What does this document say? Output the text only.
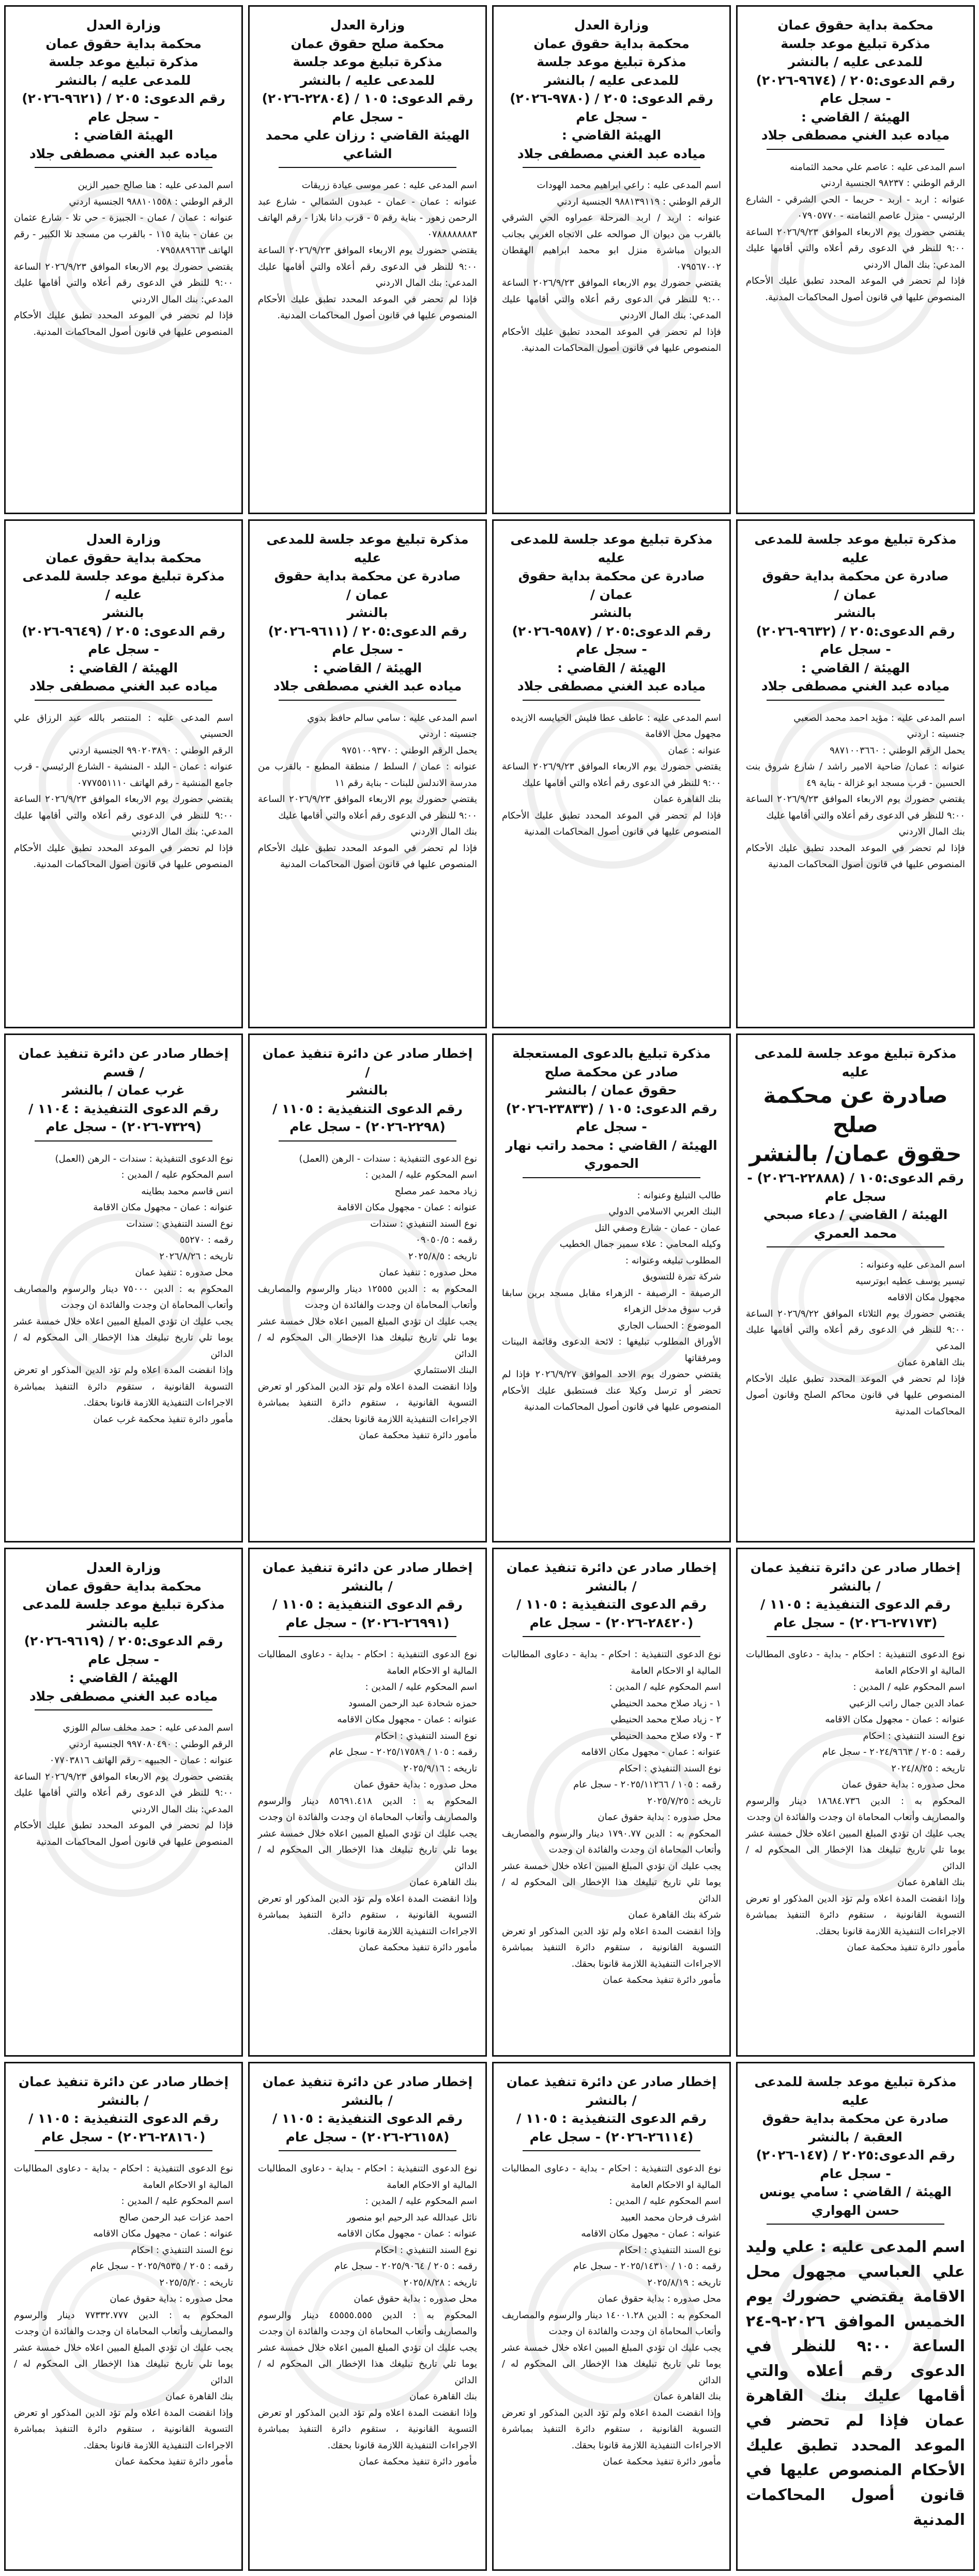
محكمة بداية حقوق عمان

مذكرة تبليغ موعد جلسة

للمدعى عليه / بالنشر

رقم الدعوى:٢٠٥ / (٩٦٧٤-٢٠٢٦)

- سجل عام

الهيئة / القاضي :

مياده عبد الغني مصطفى جلاد

اسم المدعى عليه : عاصم علي محمد الثمامنه
الرقم الوطني : ٩٨٢٣٧ الجنسية اردني
عنوانه : اربد - اربد - حريما - الحي الشرقي - الشارع الرئيسي - منزل عاصم الثمامنه - ٠٧٩٠٥٧٧٠
يقتضي حضورك يوم الاربعاء الموافق ٢٠٢٦/٩/٢٣ الساعة ٩:٠٠ للنظر في الدعوى رقم أعلاه والتي أقامها عليك المدعي: بنك المال الاردني
فإذا لم تحضر في الموعد المحدد تطبق عليك الأحكام المنصوص عليها في قانون أصول المحاكمات المدنية.

وزارة العدل

محكمة بداية حقوق عمان

مذكرة تبليغ موعد جلسة

للمدعى عليه / بالنشر

رقم الدعوى: ٢٠٥ / (٩٧٨٠-٢٠٢٦)

- سجل عام

الهيئة القاضي :

مياده عبد الغني مصطفى جلاد

اسم المدعى عليه : راعي ابراهيم محمد الهودات
الرقم الوطني : ٩٨٨١٣٩١١٩ الجنسية اردني
عنوانه : اربد / اربد المرحلة عمراوه الحي الشرقي بالقرب من ديوان ال صوالحه على الاتجاه الغربي بجانب الديوان مباشرة منزل ابو محمد ابراهيم الهقطان ٠٧٩٥٦٧٠٠٢
يقتضي حضورك يوم الاربعاء الموافق ٢٠٢٦/٩/٢٣ الساعة ٩:٠٠ للنظر في الدعوى رقم أعلاه والتي أقامها عليك المدعي: بنك المال الاردني
فإذا لم تحضر في الموعد المحدد تطبق عليك الأحكام المنصوص عليها في قانون أصول المحاكمات المدنية.

وزارة العدل

محكمة صلح حقوق عمان

مذكرة تبليغ موعد جلسة

للمدعى عليه / بالنشر

رقم الدعوى: ١٠٥ / (٢٢٨٠٤-٢٠٢٦)

- سجل عام

الهيئة القاضي : رزان علي محمد الشاعي

اسم المدعى عليه : عمر موسى عيادة زريقات
عنوانه : عمان - عمان - عبدون الشمالي - شارع عبد الرحمن زهور - بناية رقم ٥ - قرب دانا بلازا - رقم الهاتف ٠٧٨٨٨٨٨٨٨٣
يقتضي حضورك يوم الاربعاء الموافق ٢٠٢٦/٩/٢٣ الساعة ٩:٠٠ للنظر في الدعوى رقم أعلاه والتي أقامها عليك المدعي: بنك المال الاردني
فإذا لم تحضر في الموعد المحدد تطبق عليك الأحكام المنصوص عليها في قانون أصول المحاكمات المدنية.

وزارة العدل

محكمة بداية حقوق عمان

مذكرة تبليغ موعد جلسة

للمدعى عليه / بالنشر

رقم الدعوى: ٢٠٥ / (٩٦٢١-٢٠٢٦)

- سجل عام

الهيئة القاضي :

مياده عبد الغني مصطفى جلاد

اسم المدعى عليه : هنا صالح حمير الزين
الرقم الوطني : ٩٨٨١٠١٥٥٨ الجنسية اردني
عنوانه : عمان / عمان - الجبيزة - حي تلا - شارع عثمان بن عفان - بناية ١١٥ - بالقرب من مسجد تلا الكبير - رقم الهاتف ٠٧٩٥٨٨٩٦٦٣
يقتضي حضورك يوم الاربعاء الموافق ٢٠٢٦/٩/٢٣ الساعة ٩:٠٠ للنظر في الدعوى رقم أعلاه والتي أقامها عليك المدعي: بنك المال الاردني
فإذا لم تحضر في الموعد المحدد تطبق عليك الأحكام المنصوص عليها في قانون أصول المحاكمات المدنية.

مذكرة تبليغ موعد جلسة للمدعى عليه

صادرة عن محكمة بداية حقوق عمان /

بالنشر

رقم الدعوى:٢٠٥ / (٩٦٣٢-٢٠٢٦)

- سجل عام

الهيئة / القاضي :

مياده عبد الغني مصطفى جلاد

اسم المدعى عليه : مؤيد احمد محمد الصعبي
جنسيته : اردني
يحمل الرقم الوطني : ٩٨٧١٠٠٣٦٦٠
عنوانه : عمان/ ضاحية الامير راشد / شارع شروق بنت الحسين - قرب مسجد ابو غزالة - بناية ٤٩
يقتضي حضورك يوم الاربعاء الموافق ٢٠٢٦/٩/٢٣ الساعة ٩:٠٠ للنظر في الدعوى رقم أعلاه والتي أقامها عليك
بنك المال الاردني
فإذا لم تحضر في الموعد المحدد تطبق عليك الأحكام المنصوص عليها في قانون أصول المحاكمات المدنية

مذكرة تبليغ موعد جلسة للمدعى عليه

صادرة عن محكمة بداية حقوق عمان /

بالنشر

رقم الدعوى:٢٠٥ / (٩٥٨٧-٢٠٢٦)

- سجل عام

الهيئة / القاضي :

مياده عبد الغني مصطفى جلاد

اسم المدعى عليه : عاطف عطا فليش الحيايسه الازيده
مجهول محل الاقامة
عنوانه : عمان
يقتضي حضورك يوم الاربعاء الموافق ٢٠٢٦/٩/٢٣ الساعة ٩:٠٠ للنظر في الدعوى رقم أعلاه والتي أقامها عليك
بنك القاهرة عمان
فإذا لم تحضر في الموعد المحدد تطبق عليك الأحكام المنصوص عليها في قانون أصول المحاكمات المدنية

مذكرة تبليغ موعد جلسة للمدعى عليه

صادرة عن محكمة بداية حقوق عمان /

بالنشر

رقم الدعوى:٢٠٥ / (٩٦١١-٢٠٢٦)

- سجل عام

الهيئة / القاضي :

مياده عبد الغني مصطفى جلاد

اسم المدعى عليه : سامي سالم حافظ بدوي
جنسيته : اردني
يحمل الرقم الوطني : ٩٧٥١٠٠٩٣٧٠
عنوانه : عمان / السلط / منطقة المطبع - بالقرب من مدرسة الاندلس للبنات - بناية رقم ١١
يقتضي حضورك يوم الاربعاء الموافق ٢٠٢٦/٩/٢٣ الساعة ٩:٠٠ للنظر في الدعوى رقم أعلاه والتي أقامها عليك
بنك المال الاردني
فإذا لم تحضر في الموعد المحدد تطبق عليك الأحكام المنصوص عليها في قانون أصول المحاكمات المدنية

وزارة العدل

محكمة بداية حقوق عمان

مذكرة تبليغ موعد جلسة للمدعى عليه /

بالنشر

رقم الدعوى: ٢٠٥ / (٩٦٤٩-٢٠٢٦)

- سجل عام

الهيئة / القاضي :

مياده عبد الغني مصطفى جلاد

اسم المدعى عليه : المنتصر بالله عبد الرزاق علي الحسيني
الرقم الوطني : ٩٩٠٢٠٣٨٩٠ الجنسية اردني
عنوانه : عمان - البلد - المنشية - الشارع الرئيسي - قرب جامع المنشية - رقم الهاتف ٠٧٧٧٥٥١١١٠
يقتضي حضورك يوم الاربعاء الموافق ٢٠٢٦/٩/٢٣ الساعة ٩:٠٠ للنظر في الدعوى رقم أعلاه والتي أقامها عليك المدعي: بنك المال الاردني
فإذا لم تحضر في الموعد المحدد تطبق عليك الأحكام المنصوص عليها في قانون أصول المحاكمات المدنية.

مذكرة تبليغ موعد جلسة للمدعى عليه

صادرة عن محكمة صلح

حقوق عمان/ بالنشر

رقم الدعوى:١٠٥ / (٢٢٨٨٨-٢٠٢٦) - سجل عام

الهيئة / القاضي / دعاء صبحي محمد العمري

اسم المدعى عليه وعنوانه :
تيسير يوسف عطيه ابوترسيه
مجهول مكان الاقامه
يقتضي حضورك يوم الثلاثاء الموافق ٢٠٢٦/٩/٢٢ الساعة ٩:٠٠ للنظر في الدعوى رقم أعلاه والتي أقامها عليك المدعي
بنك القاهرة عمان
فإذا لم تحضر في الموعد المحدد تطبق عليك الأحكام المنصوص عليها في قانون محاكم الصلح وقانون أصول المحاكمات المدنية

مذكرة تبليغ بالدعوى المستعجلة

صادر عن محكمة صلح

حقوق عمان / بالنشر

رقم الدعوى: ١٠٥ / (٢٣٨٣٣-٢٠٢٦) - سجل عام

الهيئة / القاضي : محمد راتب نهار الحموري

طالب التبليغ وعنوانه :
البنك العربي الاسلامي الدولي
عمان - عمان - شارع وصفي التل
وكيله المحامي : علاء سمير جمال الخطيب
المطلوب تبليغه وعنوانه :
شركة تمرة للتسويق
الرصيفة - الرصيفة - الزهراء مقابل مسجد برين سابقا قرب سوق مدخل الزهراء
الموضوع : الحساب الجاري
الأوراق المطلوب تبليغها : لائحة الدعوى وقائمة البينات ومرفقاتها
يقتضي حضورك يوم الاحد الموافق ٢٠٢٦/٩/٢٧ فإذا لم تحضر أو ترسل وكيلا عنك فستطبق عليك الأحكام المنصوص عليها في قانون أصول المحاكمات المدنية

إخطار صادر عن دائرة تنفيذ عمان /

بالنشر

رقم الدعوى التنفيذية : ١١٠٥ /

(٢٢٩٨-٢٠٢٦) - سجل عام

نوع الدعوى التنفيذية : سندات - الرهن (العمل)
اسم المحكوم عليه / المدين :
زياد محمد عمر مصلح
عنوانه : عمان - مجهول مكان الاقامة
نوع السند التنفيذي : سندات
رقمه : ٠٩٠٥٠/٥
تاريخه : ٢٠٢٥/٨/٥
محل صدوره : تنفيذ عمان
المحكوم به : الدين ١٢٥٥٥ دينار والرسوم والمصاريف وأتعاب المحاماة ان وجدت والفائدة ان وجدت
يجب عليك ان تؤدي المبلغ المبين اعلاه خلال خمسة عشر يوما تلي تاريخ تبليغك هذا الإخطار الى المحكوم له / الدائن
البنك الاستثماري
وإذا انقضت المدة اعلاه ولم تؤد الدين المذكور او تعرض التسوية القانونية ، ستقوم دائرة التنفيذ بمباشرة الاجراءات التنفيذية اللازمة قانونا بحقك.
مأمور دائرة تنفيذ محكمة عمان

إخطار صادر عن دائرة تنفيذ عمان / قسم

غرب عمان / بالنشر

رقم الدعوى التنفيذية : ١١٠٤ /

(٧٣٢٩-٢٠٢٦) - سجل عام

نوع الدعوى التنفيذية : سندات - الرهن (العمل)
اسم المحكوم عليه / المدين :
انس قاسم محمد بطاينه
عنوانه : عمان - مجهول مكان الاقامة
نوع السند التنفيذي : سندات
رقمه : ٥٥٢٧٠
تاريخه : ٢٠٢٦/٨/٢٦
محل صدوره : تنفيذ عمان
المحكوم به : الدين ٧٥٠٠٠ دينار والرسوم والمصاريف وأتعاب المحاماة ان وجدت والفائدة ان وجدت
يجب عليك ان تؤدي المبلغ المبين اعلاه خلال خمسة عشر يوما تلي تاريخ تبليغك هذا الإخطار الى المحكوم له / الدائن
وإذا انقضت المدة اعلاه ولم تؤد الدين المذكور او تعرض التسوية القانونية ، ستقوم دائرة التنفيذ بمباشرة الاجراءات التنفيذية اللازمة قانونا بحقك.
مأمور دائرة تنفيذ محكمة غرب عمان

إخطار صادر عن دائرة تنفيذ عمان / بالنشر

رقم الدعوى التنفيذية : ١١٠٥ /

(٢٧١٧٣-٢٠٢٦) - سجل عام

نوع الدعوى التنفيذية : احكام - بداية - دعاوى المطالبات المالية او الاحكام العامة
اسم المحكوم عليه / المدين :
عماد الدين جمال راتب الزعبي
عنوانه : عمان - مجهول مكان الاقامه
نوع السند التنفيذي : احكام
رقمه : ٢٠٥ / ٢٠٢٤/٩٦٦٣ - سجل عام
تاريخه : ٢٠٢٤/٨/٢٥
محل صدوره : بداية حقوق عمان
المحكوم به : الدين ١٨٦٨٤.٧٣٦ دينار والرسوم والمصاريف وأتعاب المحاماة ان وجدت والفائدة ان وجدت
يجب عليك ان تؤدي المبلغ المبين اعلاه خلال خمسة عشر يوما تلي تاريخ تبليغك هذا الإخطار الى المحكوم له / الدائن
بنك القاهرة عمان
وإذا انقضت المدة اعلاه ولم تؤد الدين المذكور او تعرض التسوية القانونية ، ستقوم دائرة التنفيذ بمباشرة الاجراءات التنفيذية اللازمة قانونا بحقك.
مأمور دائرة تنفيذ محكمة عمان

إخطار صادر عن دائرة تنفيذ عمان / بالنشر

رقم الدعوى التنفيذية : ١١٠٥ /

(٢٨٤٢٠-٢٠٢٦) - سجل عام

نوع الدعوى التنفيذية : احكام - بداية - دعاوى المطالبات المالية او الاحكام العامة
اسم المحكوم عليه / المدين :
١ - زياد صلاح محمد الحنيطي
٢ - زياد صلاح محمد الحنيطي
٣ - ولاء صلاح محمد الحنيطي
عنوانه : عمان - مجهول مكان الاقامه
نوع السند التنفيذي : احكام
رقمه : ١٠٥ / ٢٠٢٥/١١٢٦٦ - سجل عام
تاريخه : ٢٠٢٥/٧/٢٥
محل صدوره : بداية حقوق عمان
المحكوم به : الدين ١٧٩٠.٧٧ دينار والرسوم والمصاريف وأتعاب المحاماة ان وجدت والفائدة ان وجدت
يجب عليك ان تؤدي المبلغ المبين اعلاه خلال خمسة عشر يوما تلي تاريخ تبليغك هذا الإخطار الى المحكوم له / الدائن
شركة بنك القاهرة عمان
وإذا انقضت المدة اعلاه ولم تؤد الدين المذكور او تعرض التسوية القانونية ، ستقوم دائرة التنفيذ بمباشرة الاجراءات التنفيذية اللازمة قانونا بحقك.
مأمور دائرة تنفيذ محكمة عمان

إخطار صادر عن دائرة تنفيذ عمان / بالنشر

رقم الدعوى التنفيذية : ١١٠٥ /

(٢٦٩٩١-٢٠٢٦) - سجل عام

نوع الدعوى التنفيذية : احكام - بداية - دعاوى المطالبات المالية او الاحكام العامة
اسم المحكوم عليه / المدين :
حمزه شحادة عبد الرحمن المسود
عنوانه : عمان - مجهول مكان الاقامه
نوع السند التنفيذي : احكام
رقمه : ١٠٥ / ٢٠٢٥/١٧٥٨٩ - سجل عام
تاريخه : ٢٠٢٥/٩/١٦
محل صدوره : بداية حقوق عمان
المحكوم به : الدين ٨٥٦٩١.٤١٨ دينار والرسوم والمصاريف وأتعاب المحاماة ان وجدت والفائدة ان وجدت
يجب عليك ان تؤدي المبلغ المبين اعلاه خلال خمسة عشر يوما تلي تاريخ تبليغك هذا الإخطار الى المحكوم له / الدائن
بنك القاهرة عمان
وإذا انقضت المدة اعلاه ولم تؤد الدين المذكور او تعرض التسوية القانونية ، ستقوم دائرة التنفيذ بمباشرة الاجراءات التنفيذية اللازمة قانونا بحقك.
مأمور دائرة تنفيذ محكمة عمان

وزارة العدل

محكمة بداية حقوق عمان

مذكرة تبليغ موعد جلسة للمدعى عليه بالنشر

رقم الدعوى:٢٠٥ / (٩٦١٩-٢٠٢٦)

- سجل عام

الهيئة / القاضي :

مياده عبد الغني مصطفى جلاد

اسم المدعى عليه : حمد مخلف سالم اللوزي
الرقم الوطني : ٩٩٧٠٨٠٤٩٠ الجنسية اردني
عنوانه : عمان - الجبيهه - رقم الهاتف ٠٧٧٠٣٨١٦
يقتضي حضورك يوم الاربعاء الموافق ٢٠٢٦/٩/٢٣ الساعة ٩:٠٠ للنظر في الدعوى رقم أعلاه والتي أقامها عليك المدعي: بنك المال الاردني
فإذا لم تحضر في الموعد المحدد تطبق عليك الأحكام المنصوص عليها في قانون أصول المحاكمات المدنية

مذكرة تبليغ موعد جلسة للمدعى عليه

صادرة عن محكمة بداية حقوق العقبة / بالنشر

رقم الدعوى:٢٠٢٥ / (١٤٧-٢٠٢٦)

- سجل عام

الهيئة / القاضي : سامي يونس حسن الهواري

اسم المدعى عليه : علي وليد علي العباسي مجهول محل الاقامة يقتضي حضورك يوم الخميس الموافق ٢٠٢٦-٩-٢٤ الساعة ٩:٠٠ للنظر في الدعوى رقم أعلاه والتي أقامها عليك بنك القاهرة عمان فإذا لم تحضر في الموعد المحدد تطبق عليك الأحكام المنصوص عليها في قانون أصول المحاكمات المدنية

إخطار صادر عن دائرة تنفيذ عمان / بالنشر

رقم الدعوى التنفيذية : ١١٠٥ /

(٢٦١١٤-٢٠٢٦) - سجل عام

نوع الدعوى التنفيذية : احكام - بداية - دعاوى المطالبات المالية او الاحكام العامة
اسم المحكوم عليه / المدين :
اشرف فرحان محمد العبيد
عنوانه : عمان - مجهول مكان الاقامه
نوع السند التنفيذي : احكام
رقمه : ١٠٥ / ٢٠٢٥/١٤٣١٠ - سجل عام
تاريخه : ٢٠٢٥/٨/١٩
محل صدوره : بداية حقوق عمان
المحكوم به : الدين ١٤٠٠١.٢٨ دينار والرسوم والمصاريف وأتعاب المحاماة ان وجدت والفائدة ان وجدت
يجب عليك ان تؤدي المبلغ المبين اعلاه خلال خمسة عشر يوما تلي تاريخ تبليغك هذا الإخطار الى المحكوم له / الدائن
بنك القاهرة عمان
وإذا انقضت المدة اعلاه ولم تؤد الدين المذكور او تعرض التسوية القانونية ، ستقوم دائرة التنفيذ بمباشرة الاجراءات التنفيذية اللازمة قانونا بحقك.
مأمور دائرة تنفيذ محكمة عمان

إخطار صادر عن دائرة تنفيذ عمان / بالنشر

رقم الدعوى التنفيذية : ١١٠٥ /

(٢٦١٥٨-٢٠٢٦) - سجل عام

نوع الدعوى التنفيذية : احكام - بداية - دعاوى المطالبات المالية او الاحكام العامة
اسم المحكوم عليه / المدين :
نائل عبدالله عبد الرحيم ابو منصور
عنوانه : عمان - مجهول مكان الاقامه
نوع السند التنفيذي : احكام
رقمه : ٢٠٥ / ٢٠٢٥/٩٠٦٤ - سجل عام
تاريخه : ٢٠٢٥/٨/٢٨
محل صدوره : بداية حقوق عمان
المحكوم به : الدين ٤٥٥٥٥.٥٥٥ دينار والرسوم والمصاريف وأتعاب المحاماة ان وجدت والفائدة ان وجدت
يجب عليك ان تؤدي المبلغ المبين اعلاه خلال خمسة عشر يوما تلي تاريخ تبليغك هذا الإخطار الى المحكوم له / الدائن
بنك القاهرة عمان
وإذا انقضت المدة اعلاه ولم تؤد الدين المذكور او تعرض التسوية القانونية ، ستقوم دائرة التنفيذ بمباشرة الاجراءات التنفيذية اللازمة قانونا بحقك.
مأمور دائرة تنفيذ محكمة عمان

إخطار صادر عن دائرة تنفيذ عمان / بالنشر

رقم الدعوى التنفيذية : ١١٠٥ /

(٢٨١٦٠-٢٠٢٦) - سجل عام

نوع الدعوى التنفيذية : احكام - بداية - دعاوى المطالبات المالية او الاحكام العامة
اسم المحكوم عليه / المدين :
احمد عزات عبد الرحمن صالح
عنوانه : عمان - مجهول مكان الاقامه
نوع السند التنفيذي : احكام
رقمه : ٢٠٥ / ٢٠٢٥/٩٥٣٥ - سجل عام
تاريخه : ٢٠٢٥/٥/٢٠
محل صدوره : بداية حقوق عمان
المحكوم به : الدين ٧٧٣٣٢.٧٧٧ دينار والرسوم والمصاريف وأتعاب المحاماة ان وجدت والفائدة ان وجدت
يجب عليك ان تؤدي المبلغ المبين اعلاه خلال خمسة عشر يوما تلي تاريخ تبليغك هذا الإخطار الى المحكوم له / الدائن
بنك القاهرة عمان
وإذا انقضت المدة اعلاه ولم تؤد الدين المذكور او تعرض التسوية القانونية ، ستقوم دائرة التنفيذ بمباشرة الاجراءات التنفيذية اللازمة قانونا بحقك.
مأمور دائرة تنفيذ محكمة عمان
